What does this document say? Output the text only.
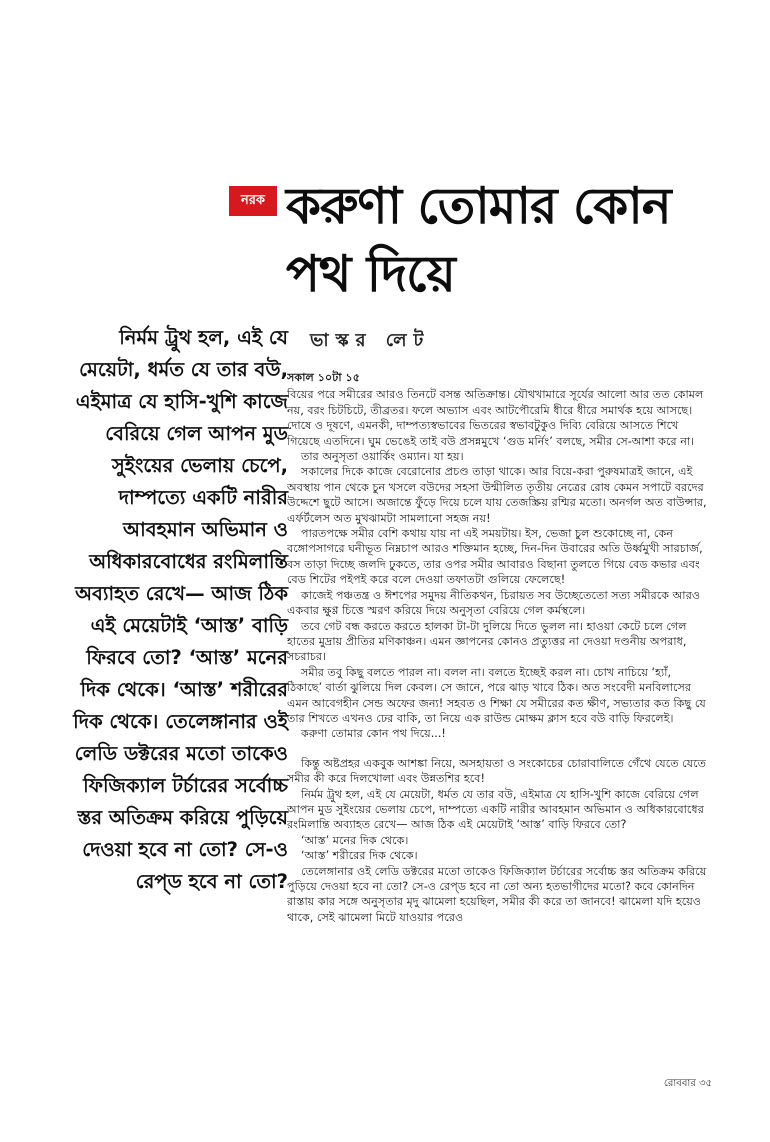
নরক করুণা তোমার কোন পথ দিয়ে

নির্মম ট্রুথ হল, এই যে মেয়েটা, ধর্মত যে তার বউ, এইমাত্র যে হাসি-খুশি কাজে বেরিয়ে গেল আপন মুড সুইংয়ের ভেলায় চেপে, দাম্পত্যে একটি নারীর আবহমান অভিমান ও অধিকারবোধের রংমিলান্তি অব্যাহত রেখে— আজ ঠিক এই মেয়েটাই ‘আস্ত’ বাড়ি ফিরবে তো? ‘আস্ত’ মনের দিক থেকে। ‘আস্ত’ শরীরের দিক থেকে। তেলেঙ্গানার ওই লেডি ডক্টরের মতো তাকেও ফিজিক্যাল টর্চারের সর্বোচ্চ স্তর অতিক্রম করিয়ে পুড়িয়ে দেওয়া হবে না তো? সে-ও রেপ্‌ড হবে না তো?

ভাস্কর লেট

সকাল ১০টা ১৫

বিয়ের পরে সমীরের আরও তিনটে বসন্ত অতিক্রান্ত। যৌথখামারে সূর্যের আলো আর তত কোমল নয়, বরং চিটচিটে, তীব্রতর। ফলে অভ্যাস এবং আটপৌরেমি ধীরে ধীরে সমার্থক হয়ে আসছে। দোষে ও দূষণে, এমনকী, দাম্পত্যস্বভাবের ভিতরের স্বভাবটুকুও দিব্যি বেরিয়ে আসতে শিখে গিয়েছে এতদিনে। ঘুম ভেঙেই তাই বউ প্রসন্নমুখে ‘গুড মর্নিং’ বলছে, সমীর সে-আশা করে না।

তার অনুসৃতা ওয়ার্কিং ওম্যান। যা হয়।

সকালের দিকে কাজে বেরোনোর প্রচণ্ড তাড়া থাকে। আর বিয়ে-করা পুরুষমাত্রই জানে, এই অবস্থায় পান থেকে চুন খসলে বউদের সহসা উন্মীলিত তৃতীয় নেত্রের রোষ কেমন সপাটে বরদের উদ্দেশে ছুটে আসে। অজান্তে ফুঁড়ে দিয়ে চলে যায় তেজস্ক্রিয় রশ্মির মতো। অনর্গল অত বাউন্সার, এর্ফর্টলেস অত মুখঝামটা সামলানো সহজ নয়!

পারতপক্ষে সমীর বেশি কথায় যায় না এই সময়টায়। ইস, ভেজা চুল শুকোচ্ছে না, কেন বঙ্গোপসাগরে ঘনীভূত নিম্নচাপ আরও শক্তিমান হচ্ছে, দিন-দিন উবারের অতি উর্ধ্বমুখী সারচার্জ, বস তাড়া দিচ্ছে জলদি ঢুকতে, তার ওপর সমীর আবারও বিছানা তুলতে গিয়ে বেড কভার এবং বেড শিটের পইপই করে বলে দেওয়া তফাতটা গুলিয়ে ফেলেছে!

কাজেই পঞ্চতন্ত্র ও ঈশপের সমুদয় নীতিকথন, চিরায়ত সব উচ্ছেতেতো সত্য সমীরকে আরও একবার ক্ষুণ্ণ চিত্তে স্মরণ করিয়ে দিয়ে অনুসৃতা বেরিয়ে গেল কর্মস্থলে।

তবে গেট বন্ধ করতে করতে হালকা টা-টা দুলিয়ে দিতে ভুলল না। হাওয়া কেটে চলে গেল হাতের মুদ্রায় প্রীতির মণিকাঞ্চন। এমন জ্ঞাপনের কোনও প্রত্যুত্তর না দেওয়া দণ্ডনীয় অপরাধ, সচরাচর।

সমীর তবু কিছু বলতে পারল না। বলল না। বলতে ইচ্ছেই করল না। চোখ নাচিয়ে ‘হ্যাঁ, ঠিকাছে’ বার্তা ঝুলিয়ে দিল কেবল। সে জানে, পরে ঝাড় খাবে ঠিক। অত সংবেদী মনবিলাসের এমন আবেগহীন সেন্ড অফের জন্য! সহবত ও শিক্ষা যে সমীরের কত ক্ষীণ, সভ্যতার কত কিছু যে তার শিখতে এখনও ঢের বাকি, তা নিয়ে এক রাউন্ড মোক্ষম ক্লাস হবে বউ বাড়ি ফিরলেই।

করুণা তোমার কোন পথ দিয়ে...!

কিন্তু অষ্টপ্রহর একবুক আশঙ্কা নিয়ে, অসহায়তা ও সংকোচের চোরাবালিতে গেঁথে যেতে যেতে সমীর কী করে দিলখোলা এবং উন্নতশির হবে!

নির্মম ট্রুথ হল, এই যে মেয়েটা, ধর্মত যে তার বউ, এইমাত্র যে হাসি-খুশি কাজে বেরিয়ে গেল আপন মুড সুইংয়ের ভেলায় চেপে, দাম্পত্যে একটি নারীর আবহমান অভিমান ও অধিকারবোধের রংমিলান্তি অব্যাহত রেখে— আজ ঠিক এই মেয়েটাই ‘আস্ত’ বাড়ি ফিরবে তো?

‘আস্ত’ মনের দিক থেকে।

‘আস্ত’ শরীরের দিক থেকে।

তেলেঙ্গানার ওই লেডি ডক্টরের মতো তাকেও ফিজিক্যাল টর্চারের সর্বোচ্চ স্তর অতিক্রম করিয়ে পুড়িয়ে দেওয়া হবে না তো? সে-ও রেপ্‌ড হবে না তো অন্য হতভাগীদের মতো? কবে কোনদিন রাস্তায় কার সঙ্গে অনুসৃতার মৃদু ঝামেলা হয়েছিল, সমীর কী করে তা জানবে! ঝামেলা যদি হয়েও থাকে, সেই ঝামেলা মিটে যাওয়ার পরেও

রোববার ৩৫
